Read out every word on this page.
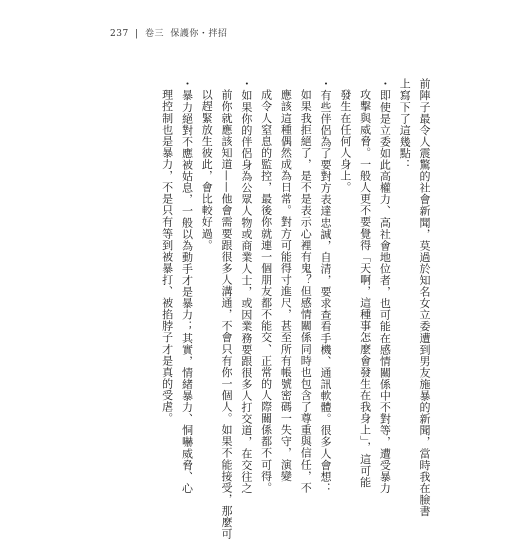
237 | 卷三 保護你・拌招
前陣子最令人震驚的社會新聞，莫過於知名女立委遭到男友施暴的新聞，當時我在臉書
上寫下了這幾點：
・即使是立委如此高權力、高社會地位者，也可能在感情關係中不對等，遭受暴力
攻擊與威脅。一般人更不要覺得「天啊，這種事怎麼會發生在我身上」，這可能
發生在任何人身上。
・有些伴侶為了要對方表達忠誠，自清，要求查看手機、通訊軟體。很多人會想：
如果我拒絕了，是不是表示心裡有鬼？但感情關係同時也包含了尊重與信任，不
應該這種偶然成為日常。對方可能得寸進尺，甚至所有帳號密碼一失守，演變
成令人窒息的監控，最後你就連一個朋友都不能交、正常的人際關係都不可得。
・如果你的伴侶身為公眾人物或商業人士，或因業務要跟很多人打交道，在交往之
前你就應該知道——他會需要跟很多人溝通，不會只有你一個人。如果不能接受，那麼可
以趕緊放生彼此，會比較好過。
・暴力絕對不應被姑息，一般以為動手才是暴力；其實，情緒暴力、恫嚇威脅、心
理控制也是暴力，不是只有等到被暴打、被掐脖子才是真的受虐。
